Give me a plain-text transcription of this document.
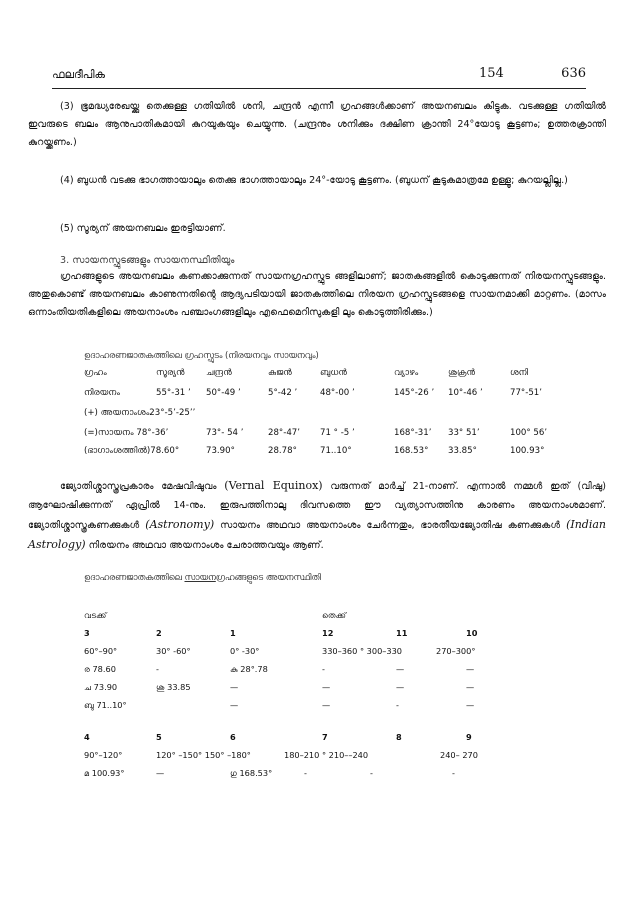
ഫലദീപിക	154	636
(3) ഭൂമദ്ധ്യരേഖയ്ക്കു തെക്കുള്ള ഗതിയിൽ ശനി, ചന്ദ്രൻ എന്നീ ഗ്രഹങ്ങൾക്കാണ് അയനബലം കിട്ടുക. വടക്കുള്ള ഗതിയിൽ ഇവരുടെ ബലം ആനുപാതികമായി കുറയുകയും ചെയ്യുന്നു. (ചന്ദ്രനും ശനിക്കും ദക്ഷിണ ക്രാന്തി 24°യോടു കൂട്ടണം; ഉത്തരക്രാന്തി കുറയ്ക്കണം.)
(4) ബുധൻ വടക്കു ഭാഗത്തായാലും തെക്കു ഭാഗത്തായാലും 24°-യോടു കൂട്ടണം. (ബുധന് കൂടുകമാത്രമേ ഉള്ളൂ; കുറയല്ലില്ല.)
(5) സൂര്യന് അയനബലം ഇരട്ടിയാണ്.
3. സായനസ്ഫുടങ്ങളും സായനസ്ഥിതിയും
ഗ്രഹങ്ങളുടെ അയനബലം കണക്കാക്കുന്നത് സായനഗ്രഹസ്ഫുട ങ്ങളിലാണ്; ജാതകങ്ങളിൽ കൊടുക്കുന്നത് നിരയനസ്ഫുടങ്ങളും. അതുകൊണ്ട് അയനബലം കാണുന്നതിന്റെ ആദ്യപടിയായി ജാതകത്തിലെ നിരയന ഗ്രഹസ്ഫുടങ്ങളെ സായനമാക്കി മാറ്റണം. (മാസം ഒന്നാംതിയതികളിലെ അയനാംശം പഞ്ചാംഗങ്ങളിലും എഫെമെറിസുകളി ലും കൊടുത്തിരിക്കും.)
ഉദാഹരണജാതകത്തിലെ ഗ്രഹസ്ഫുടം (നിരയനവും സായനവും)
ഗ്രഹം	സൂര്യൻ ചന്ദ്രൻ	കുജൻ	ബുധൻ	വ്യാഴം	ശുക്രൻ	ശനി
നിരയനം	55°-31 ’ 50°-49 ’	5°-42 ’	48°-00 ’	145°-26 ’ 10°-46 ’	77°-51’
(+) അയനാംശം23°-5’-25’’
(=)സായനം 78°-36’	73°- 54 ’	28°-47’ 71 ° -5 ’	168°-31’ 33° 51’	100° 56’
(ഭാഗാംശത്തിൽ)78.60°	73.90°	28.78°	71..10°	168.53° 33.85°	100.93°
ജ്യോതിശ്ശാസ്ത്രപ്രകാരം മേഷവിഷുവം (Vernal Equinox) വരുന്നത് മാർച്ച് 21-നാണ്. എന്നാൽ നമ്മൾ ഇത് (വിഷു) ആഘോഷിക്കുന്നത് ഏപ്രിൽ 14-നും. ഇരുപത്തിനാലു ദിവസത്തെ ഈ വ്യത്യാസത്തിനു കാരണം അയനാംശമാണ്. ജ്യോതിശ്ശാസ്ത്രകണക്കുകൾ (Astronomy) സായനം അഥവാ അയനാംശം ചേർന്നതും, ഭാരതീയജ്യോതിഷ കണക്കുകൾ (Indian Astrology) നിരയനം അഥവാ അയനാംശം ചേരാത്തവയും ആണ്.
ഉദാഹരണജാതകത്തിലെ സായനഗ്രഹങ്ങളുടെ അയനസ്ഥിതി
വടക്ക്	തെക്ക്
3	2	1	12	11	10
60°–90°	30° -60°	0° -30°	330–360 ° 300–330	270–300°
ര 78.60	-	കു 28°.78	-	—	—
ച 73.90	ശു 33.85	—	—	—	—
ബു 71..10°	—	—	-	—
4	5	6	7	8	9
90°–120°	120° –150° 150° –180°	180–210 ° 210––240	240– 270
മ 100.93°	—	ഗു 168.53°	-	-	-
